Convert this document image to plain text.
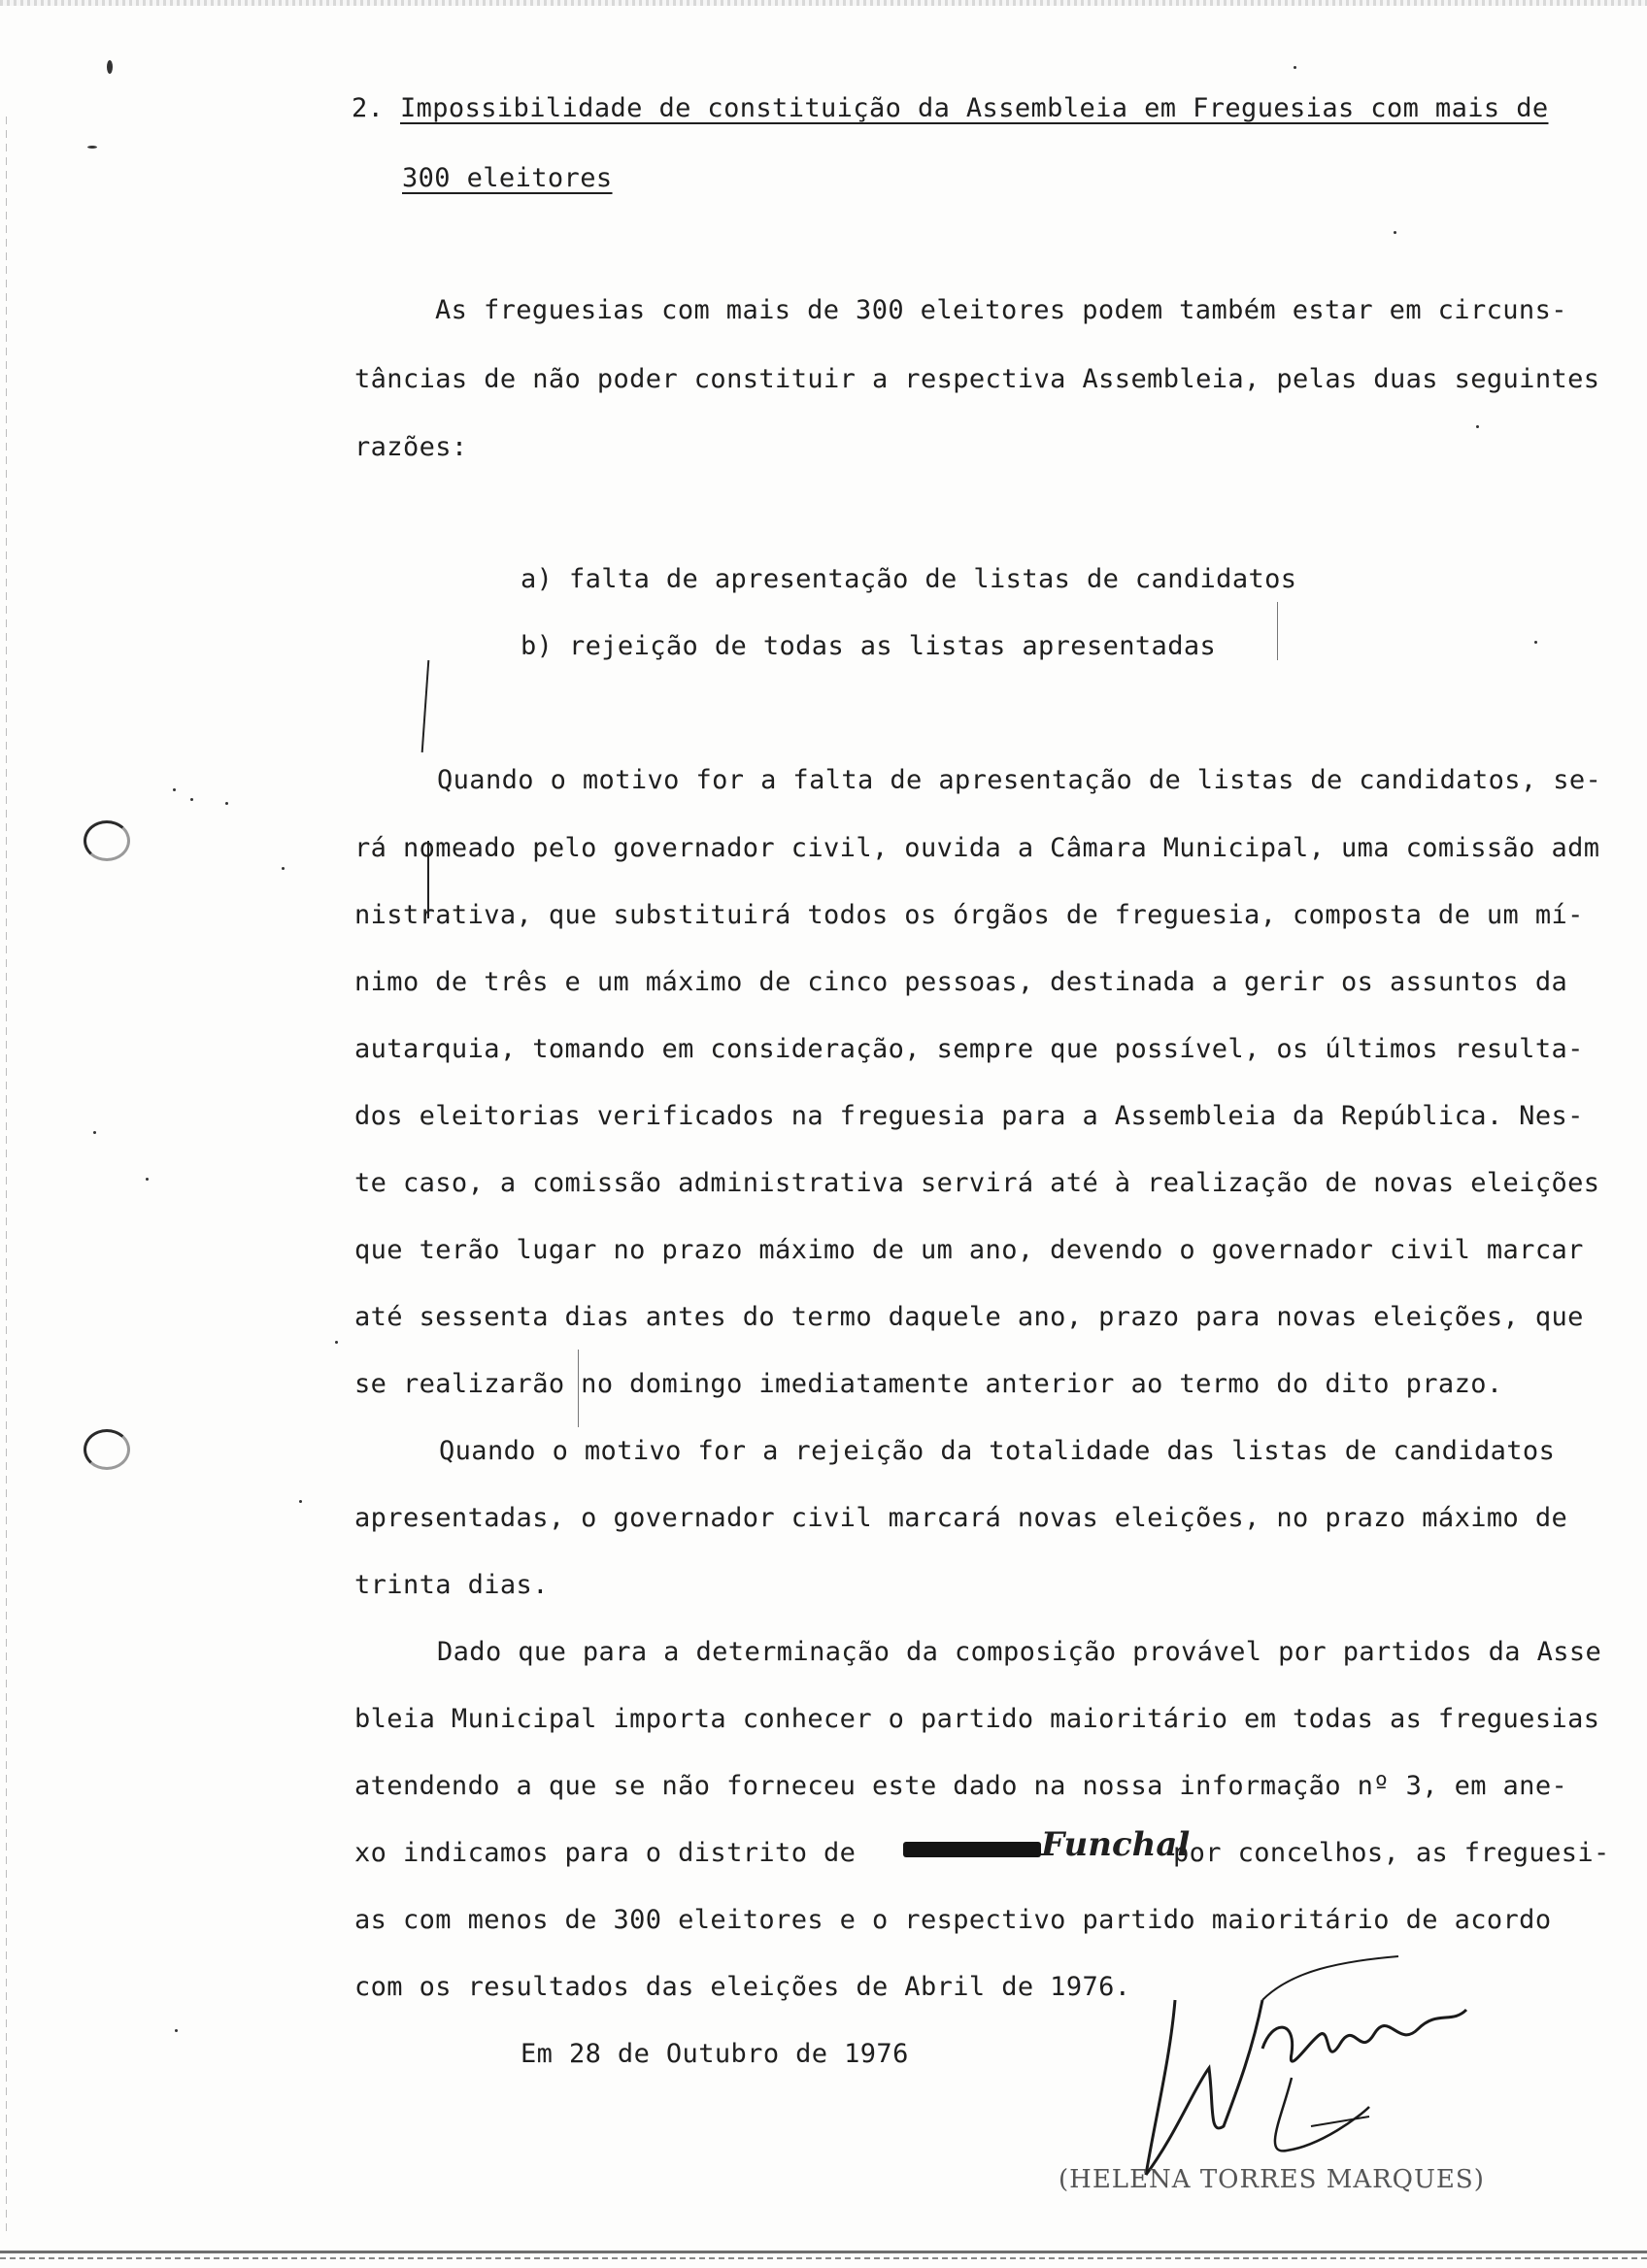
2. Impossibilidade de constituição da Assembleia em Freguesias com mais de
300 eleitores
As freguesias com mais de 300 eleitores podem também estar em circuns-
tâncias de não poder constituir a respectiva Assembleia, pelas duas seguintes
razões:
a) falta de apresentação de listas de candidatos
b) rejeição de todas as listas apresentadas
Quando o motivo for a falta de apresentação de listas de candidatos, se-
rá nomeado pelo governador civil, ouvida a Câmara Municipal, uma comissão adm
nistrativa, que substituirá todos os órgãos de freguesia, composta de um mí-
nimo de três e um máximo de cinco pessoas, destinada a gerir os assuntos da
autarquia, tomando em consideração, sempre que possível, os últimos resulta-
dos eleitorias verificados na freguesia para a Assembleia da República. Nes-
te caso, a comissão administrativa servirá até à realização de novas eleições
que terão lugar no prazo máximo de um ano, devendo o governador civil marcar
até sessenta dias antes do termo daquele ano, prazo para novas eleições, que
se realizarão no domingo imediatamente anterior ao termo do dito prazo.
Quando o motivo for a rejeição da totalidade das listas de candidatos
apresentadas, o governador civil marcará novas eleições, no prazo máximo de
trinta dias.
Dado que para a determinação da composição provável por partidos da Asse
bleia Municipal importa conhecer o partido maioritário em todas as freguesias
atendendo a que se não forneceu este dado na nossa informação nº 3, em ane-
xo indicamos para o distrito de	Funchal
por concelhos, as freguesi-
as com menos de 300 eleitores e o respectivo partido maioritário de acordo
com os resultados das eleições de Abril de 1976.
Em 28 de Outubro de 1976
(HELENA TORRES MARQUES)
